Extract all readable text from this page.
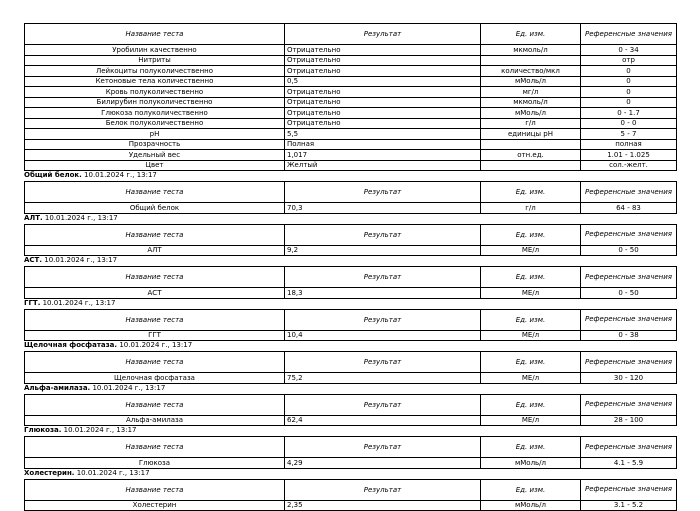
Название теста	Результат	Ед. изм.	Референсные значения
Уробилин качественно	Отрицательно	мкмоль/л	0 - 34
Нитриты	Отрицательно		отр
Лейкоциты полуколичественно	Отрицательно	количество/мкл	0
Кетоновые тела количественно	0,5	мМоль/л	0
Кровь полуколичественно	Отрицательно	мг/л	0
Билирубин полуколичественно	Отрицательно	мкмоль/л	0
Глюкоза полуколичественно	Отрицательно	мМоль/л	0 - 1.7
Белок полуколичественно	Отрицательно	г/л	0 - 0
pH	5,5	единицы pH	5 - 7
Прозрачность	Полная		полная
Удельный вес	1,017	отн.ед.	1.01 - 1.025
Цвет	Желтый		сол.-желт.
Общий белок. 10.01.2024 г., 13:17
Название теста	Результат	Ед. изм.	Референсные значения
Общий белок	70,3	г/л	64 - 83
АЛТ. 10.01.2024 г., 13:17
Название теста	Результат	Ед. изм.	Референсные значения
АЛТ	9,2	МЕ/л	0 - 50
АСТ. 10.01.2024 г., 13:17
Название теста	Результат	Ед. изм.	Референсные значения
АСТ	18,3	МЕ/л	0 - 50
ГГТ. 10.01.2024 г., 13:17
Название теста	Результат	Ед. изм.	Референсные значения
ГГТ	10,4	МЕ/л	0 - 38
Щелочная фосфатаза. 10.01.2024 г., 13:17
Название теста	Результат	Ед. изм.	Референсные значения
Щелочная фосфатаза	75,2	МЕ/л	30 - 120
Альфа-амилаза. 10.01.2024 г., 13:17
Название теста	Результат	Ед. изм.	Референсные значения
Альфа-амилаза	62,4	МЕ/л	28 - 100
Глюкоза. 10.01.2024 г., 13:17
Название теста	Результат	Ед. изм.	Референсные значения
Глюкоза	4,29	мМоль/л	4.1 - 5.9
Холестерин. 10.01.2024 г., 13:17
Название теста	Результат	Ед. изм.	Референсные значения
Холестерин	2,35	мМоль/л	3.1 - 5.2
